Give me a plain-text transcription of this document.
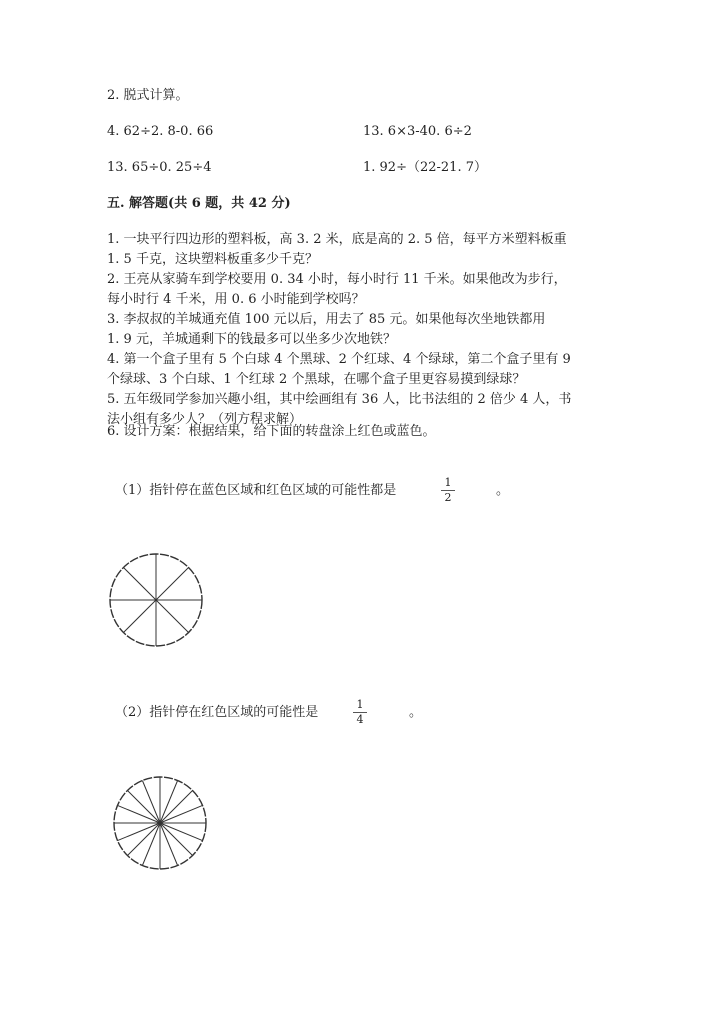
2. 脱式计算。
4. 62÷2. 8-0. 66	13. 6×3-40. 6÷2
13. 65÷0. 25÷4	1. 92÷（22-21. 7）
五. 解答题(共 6 题，共 42 分)
1. 一块平行四边形的塑料板，高 3. 2 米，底是高的 2. 5 倍，每平方米塑料板重
1. 5 千克，这块塑料板重多少千克？
2. 王亮从家骑车到学校要用 0. 34 小时，每小时行 11 千米。如果他改为步行，
每小时行 4 千米，用 0. 6 小时能到学校吗？
3. 李叔叔的羊城通充值 100 元以后，用去了 85 元。如果他每次坐地铁都用
1. 9 元，羊城通剩下的钱最多可以坐多少次地铁？
4. 第一个盒子里有 5 个白球 4 个黑球、2 个红球、4 个绿球，第二个盒子里有 9
个绿球、3 个白球、1 个红球 2 个黑球，在哪个盒子里更容易摸到绿球？
5. 五年级同学参加兴趣小组，其中绘画组有 36 人，比书法组的 2 倍少 4 人，书
法小组有多少人？（列方程求解）
6. 设计方案：根据结果，给下面的转盘涂上红色或蓝色。
（1）指针停在蓝色区域和红色区域的可能性都是
1
2	。
（2）指针停在红色区域的可能性是
1
4	。
